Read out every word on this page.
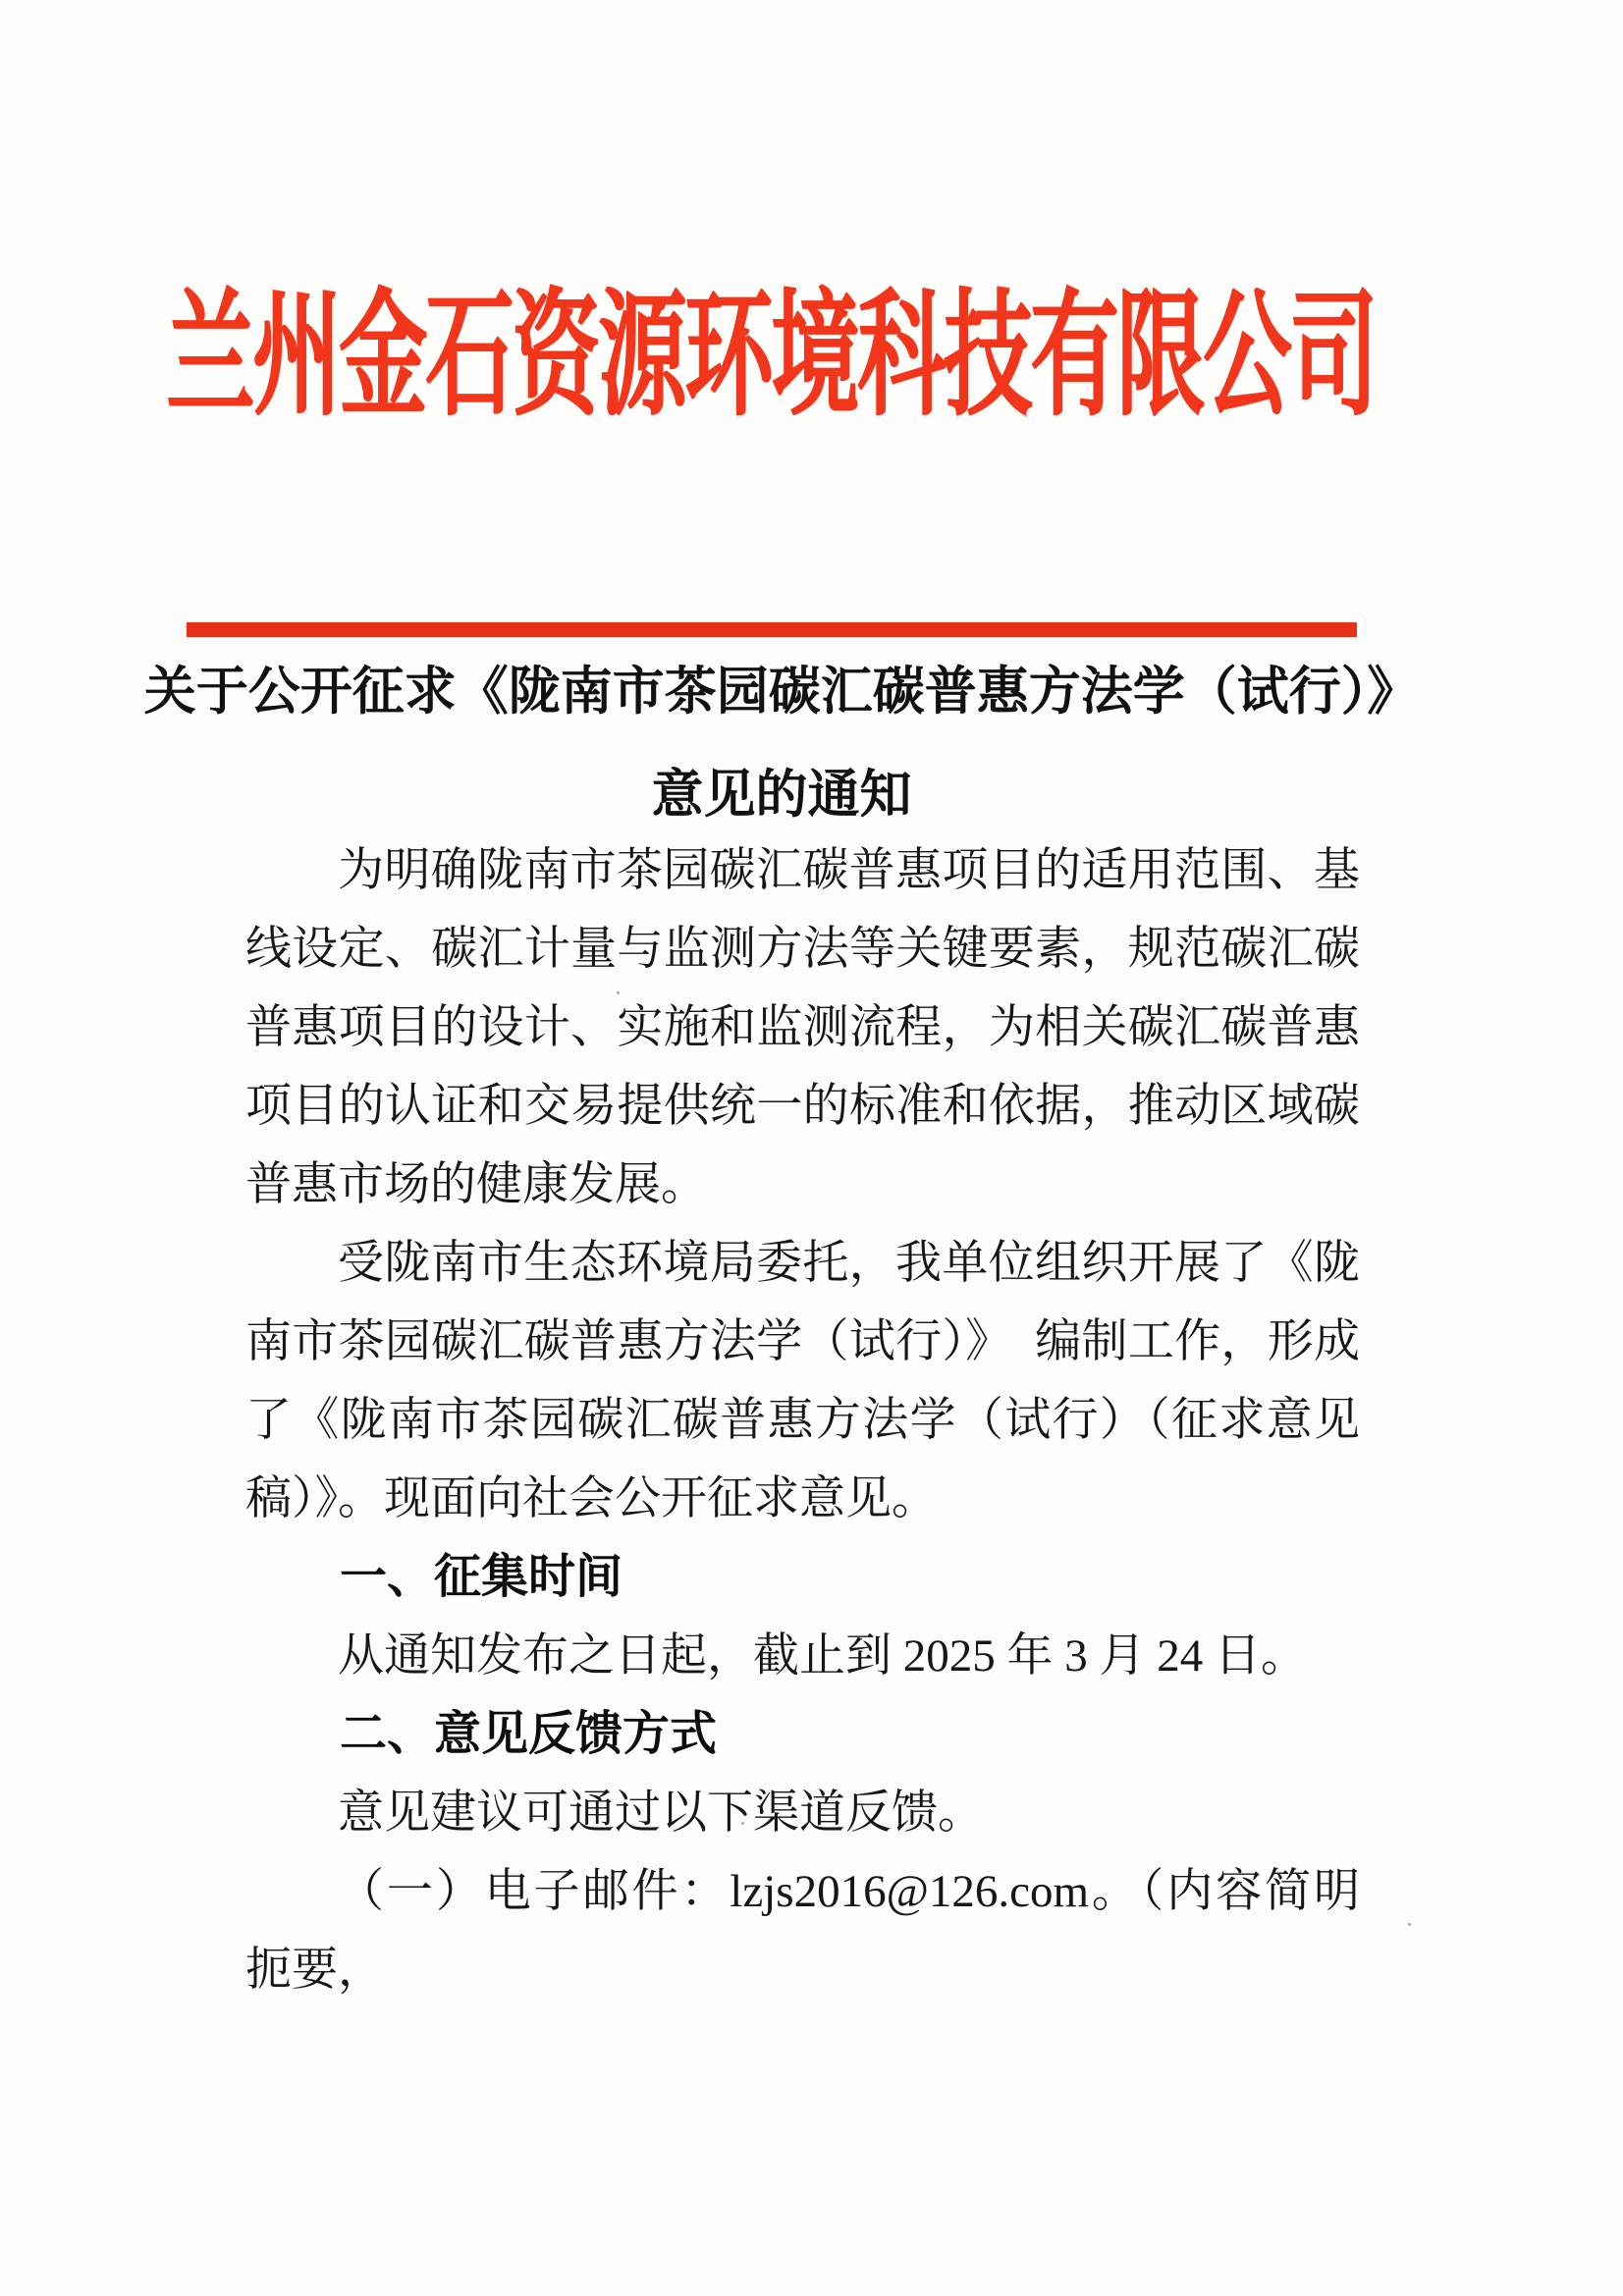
兰州金石资源环境科技有限公司
关于公开征求《陇南市茶园碳汇碳普惠方法学（试行）》
意见的通知

为明确陇南市茶园碳汇碳普惠项目的适用范围、基线设定、碳汇计量与监测方法等关键要素，规范碳汇碳普惠项目的设计、实施和监测流程，为相关碳汇碳普惠项目的认证和交易提供统一的标准和依据，推动区域碳普惠市场的健康发展。

受陇南市生态环境局委托，我单位组织开展了《陇南市茶园碳汇碳普惠方法学（试行）》　编制工作，形成了《陇南市茶园碳汇碳普惠方法学（试行）（征求意见稿）》。现面向社会公开征求意见。

一、征集时间

从通知发布之日起，截止到 2025 年 3 月 24 日。

二、意见反馈方式

意见建议可通过以下渠道反馈。

（一）电子邮件：lzjs2016@126.com。（内容简明扼要，
